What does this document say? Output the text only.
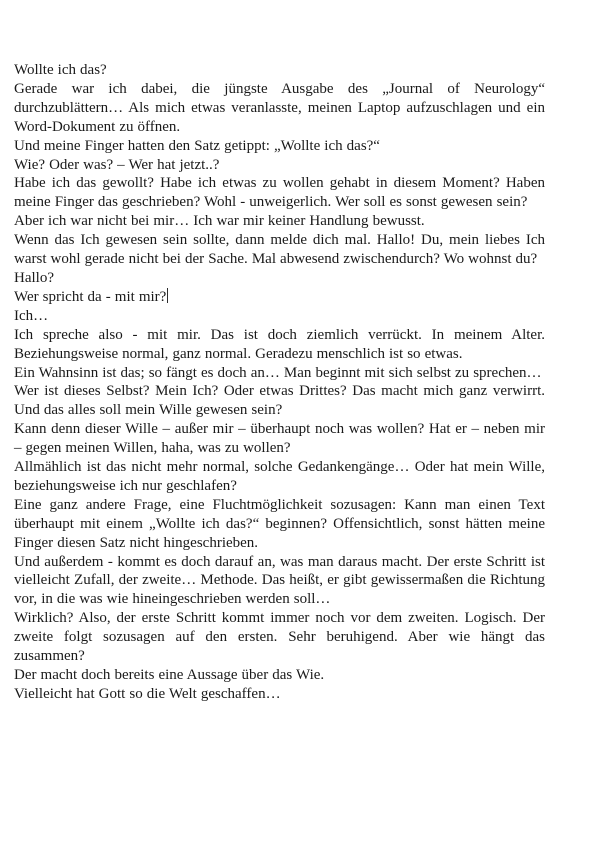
Wollte ich das?

Gerade war ich dabei, die jüngste Ausgabe des „Journal of Neurology“ durchzublättern… Als mich etwas veranlasste, meinen Laptop aufzuschlagen und ein Word-Dokument zu öffnen.

Und meine Finger hatten den Satz getippt: „Wollte ich das?“

Wie? Oder was? – Wer hat jetzt..?

Habe ich das gewollt? Habe ich etwas zu wollen gehabt in diesem Moment? Haben meine Finger das geschrieben? Wohl - unweigerlich. Wer soll es sonst gewesen sein?

Aber ich war nicht bei mir… Ich war mir keiner Handlung bewusst.

Wenn das Ich gewesen sein sollte, dann melde dich mal. Hallo! Du, mein liebes Ich warst wohl gerade nicht bei der Sache. Mal abwesend zwischendurch? Wo wohnst du?

Hallo?

Wer spricht da - mit mir?

Ich…

Ich spreche also - mit mir. Das ist doch ziemlich verrückt. In meinem Alter. Beziehungsweise normal, ganz normal. Geradezu menschlich ist so etwas.

Ein Wahnsinn ist das; so fängt es doch an… Man beginnt mit sich selbst zu sprechen…

Wer ist dieses Selbst? Mein Ich? Oder etwas Drittes? Das macht mich ganz verwirrt. Und das alles soll mein Wille gewesen sein?

Kann denn dieser Wille – außer mir – überhaupt noch was wollen? Hat er – neben mir – gegen meinen Willen, haha, was zu wollen?

Allmählich ist das nicht mehr normal, solche Gedankengänge… Oder hat mein Wille, beziehungsweise ich nur geschlafen?

Eine ganz andere Frage, eine Fluchtmöglichkeit sozusagen: Kann man einen Text überhaupt mit einem „Wollte ich das?“ beginnen? Offensichtlich, sonst hätten meine Finger diesen Satz nicht hingeschrieben.

Und außerdem - kommt es doch darauf an, was man daraus macht. Der erste Schritt ist vielleicht Zufall, der zweite… Methode. Das heißt, er gibt gewissermaßen die Richtung vor, in die was wie hineingeschrieben werden soll…

Wirklich? Also, der erste Schritt kommt immer noch vor dem zweiten. Logisch. Der zweite folgt sozusagen auf den ersten. Sehr beruhigend. Aber wie hängt das zusammen?

Der macht doch bereits eine Aussage über das Wie.

Vielleicht hat Gott so die Welt geschaffen…
